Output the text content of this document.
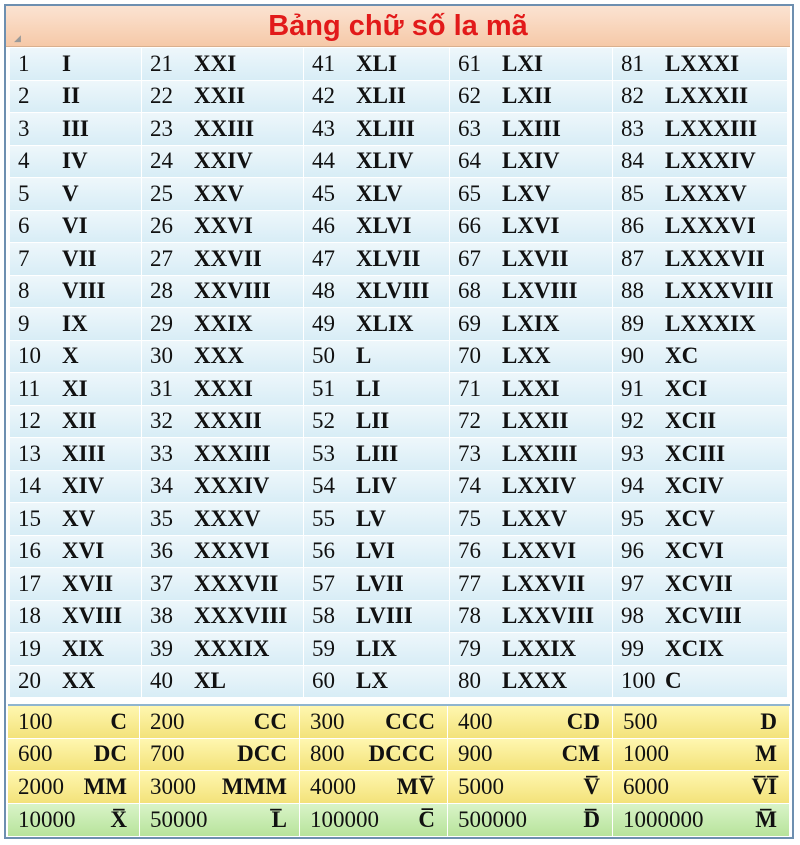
Bảng chữ số la mã
◢
1	I	21 XXI	41 XLI	61 LXI	81 LXXXI
2	II	22 XXII	42 XLII	62 LXII	82 LXXXII
3	III	23 XXIII	43 XLIII	63 LXIII	83 LXXXIII
4	IV	24 XXIV	44 XLIV	64 LXIV	84 LXXXIV
5	V	25 XXV	45 XLV	65 LXV	85 LXXXV
6	VI	26 XXVI	46 XLVI	66 LXVI	86 LXXXVI
7	VII	27 XXVII	47 XLVII	67 LXVII	87 LXXXVII
8	VIII	28 XXVIII	48 XLVIII	68 LXVIII	88 LXXXVIII
9	IX	29 XXIX	49 XLIX	69 LXIX	89 LXXXIX
10 X	30 XXX	50 L	70 LXX	90 XC
11 XI	31 XXXI	51 LI	71 LXXI	91 XCI
12 XII	32 XXXII	52 LII	72 LXXII	92 XCII
13 XIII	33 XXXIII	53 LIII	73 LXXIII	93 XCIII
14 XIV	34 XXXIV	54 LIV	74 LXXIV	94 XCIV
15 XV	35 XXXV	55 LV	75 LXXV	95 XCV
16 XVI	36 XXXVI	56 LVI	76 LXXVI	96 XCVI
17 XVII	37 XXXVII	57 LVII	77 LXXVII	97 XCVII
18 XVIII	38 XXXVIII	58 LVIII	78 LXXVIII	98 XCVIII
19 XIX	39 XXXIX	59 LIX	79 LXXIX	99 XCIX
20 XX	40 XL	60 LX	80 LXXX	100 C
100	C 200	CC 300 CCC 400	CD 500	D
600 DC 700 DCC 800 DCCC 900	CM 1000	M
2000 MM 3000 MMM 4000 MV̅ 5000	V̅ 6000	V̅I̅
10000 X̅ 50000	L̅ 100000 C̅ 500000 D̅ 1000000 M̅
